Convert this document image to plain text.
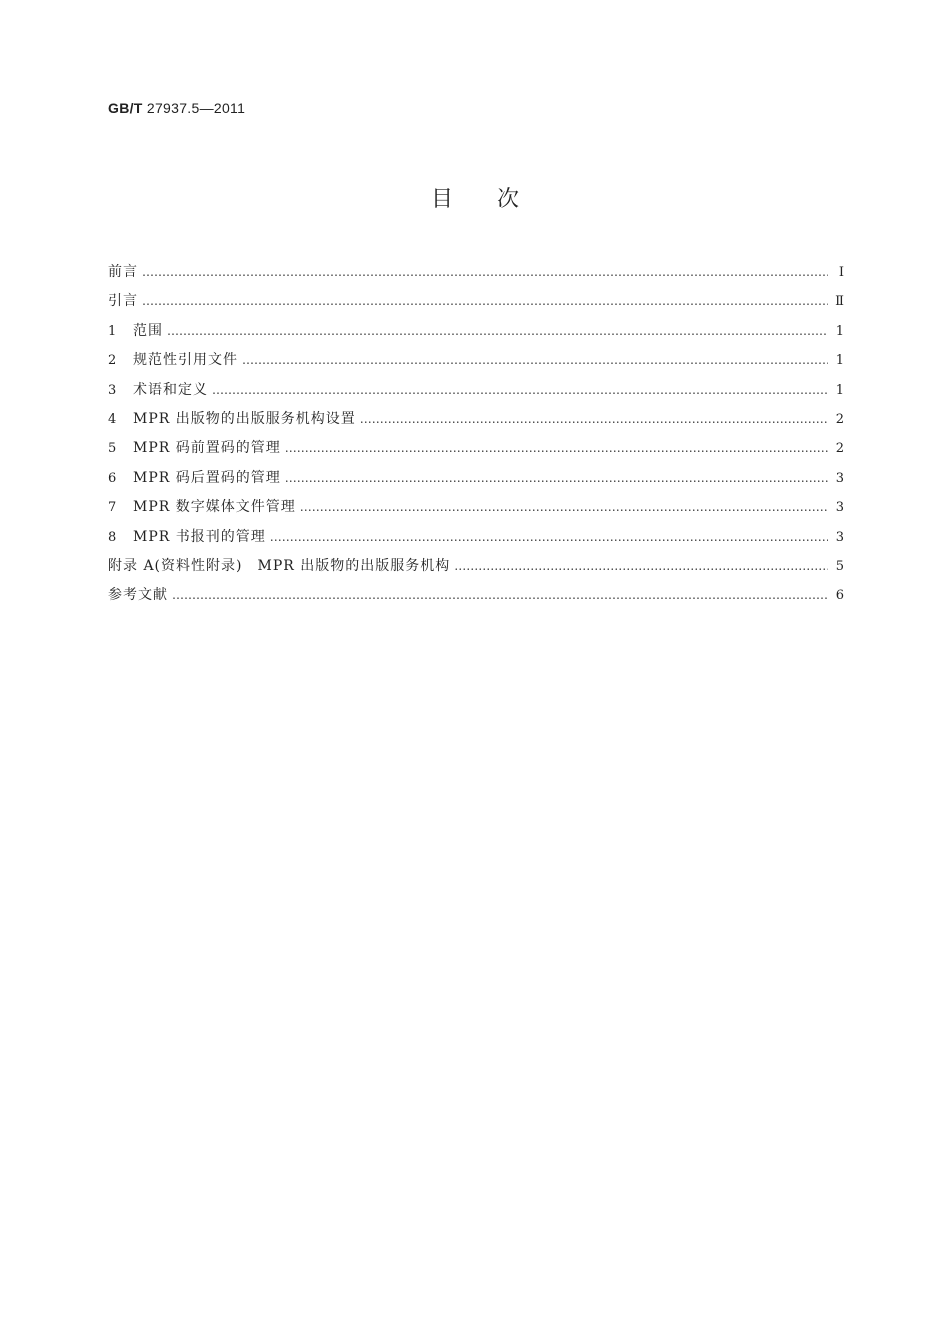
GB/T 27937.5—2011
目次
前言 …………………………………………………………………………………………………………………………………………………………………………………………………………………	Ⅰ
引言 …………………………………………………………………………………………………………………………………………………………………………………………………………………	Ⅱ
1	范围 …………………………………………………………………………………………………………………………………………………………………………………………………………………	1
2	规范性引用文件 …………………………………………………………………………………………………………………………………………………………………………………………………………………	1
3	术语和定义 …………………………………………………………………………………………………………………………………………………………………………………………………………………	1
4	MPR 出版物的出版服务机构设置 …………………………………………………………………………………………………………………………………………………………………………………………………………………	2
5	MPR 码前置码的管理 …………………………………………………………………………………………………………………………………………………………………………………………………………………	2
6	MPR 码后置码的管理 …………………………………………………………………………………………………………………………………………………………………………………………………………………	3
7	MPR 数字媒体文件管理 …………………………………………………………………………………………………………………………………………………………………………………………………………………	3
8	MPR 书报刊的管理 …………………………………………………………………………………………………………………………………………………………………………………………………………………	3
附录 A(资料性附录)　MPR 出版物的出版服务机构 …………………………………………………………………………………………………………………………………………………………………………………………………………………	5
参考文献 …………………………………………………………………………………………………………………………………………………………………………………………………………………	6
